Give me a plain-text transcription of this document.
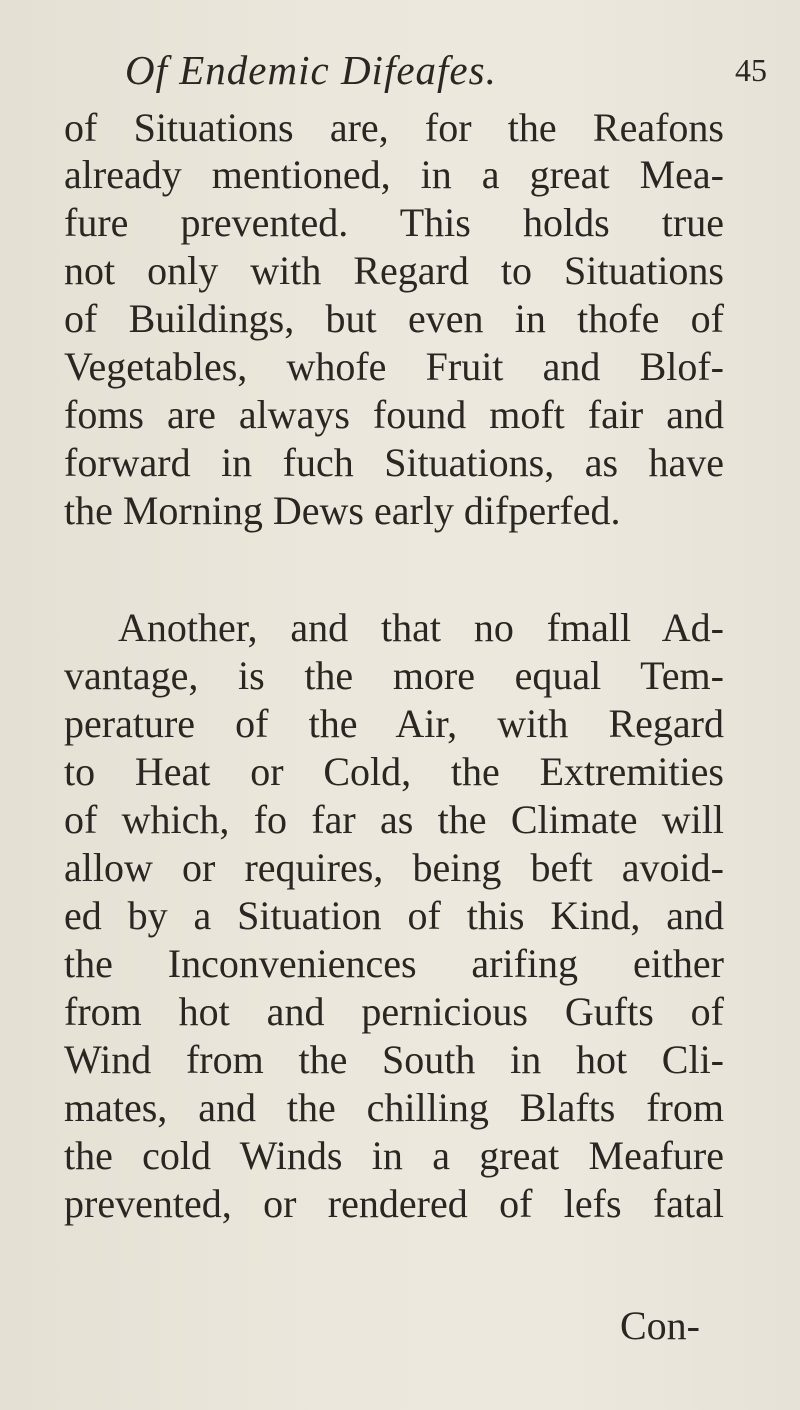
Of Endemic Difeafes.	45
of Situations are, for the Reafons
already mentioned, in a great Mea-
fure prevented. This holds true
not only with Regard to Situations
of Buildings, but even in thofe of
Vegetables, whofe Fruit and Blof-
foms are always found moft fair and
forward in fuch Situations, as have
the Morning Dews early difperfed.
Another, and that no fmall Ad-
vantage, is the more equal Tem-
perature of the Air, with Regard
to Heat or Cold, the Extremities
of which, fo far as the Climate will
allow or requires, being beft avoid-
ed by a Situation of this Kind, and
the Inconveniences arifing either
from hot and pernicious Gufts of
Wind from the South in hot Cli-
mates, and the chilling Blafts from
the cold Winds in a great Meafure
prevented, or rendered of lefs fatal
Con-
